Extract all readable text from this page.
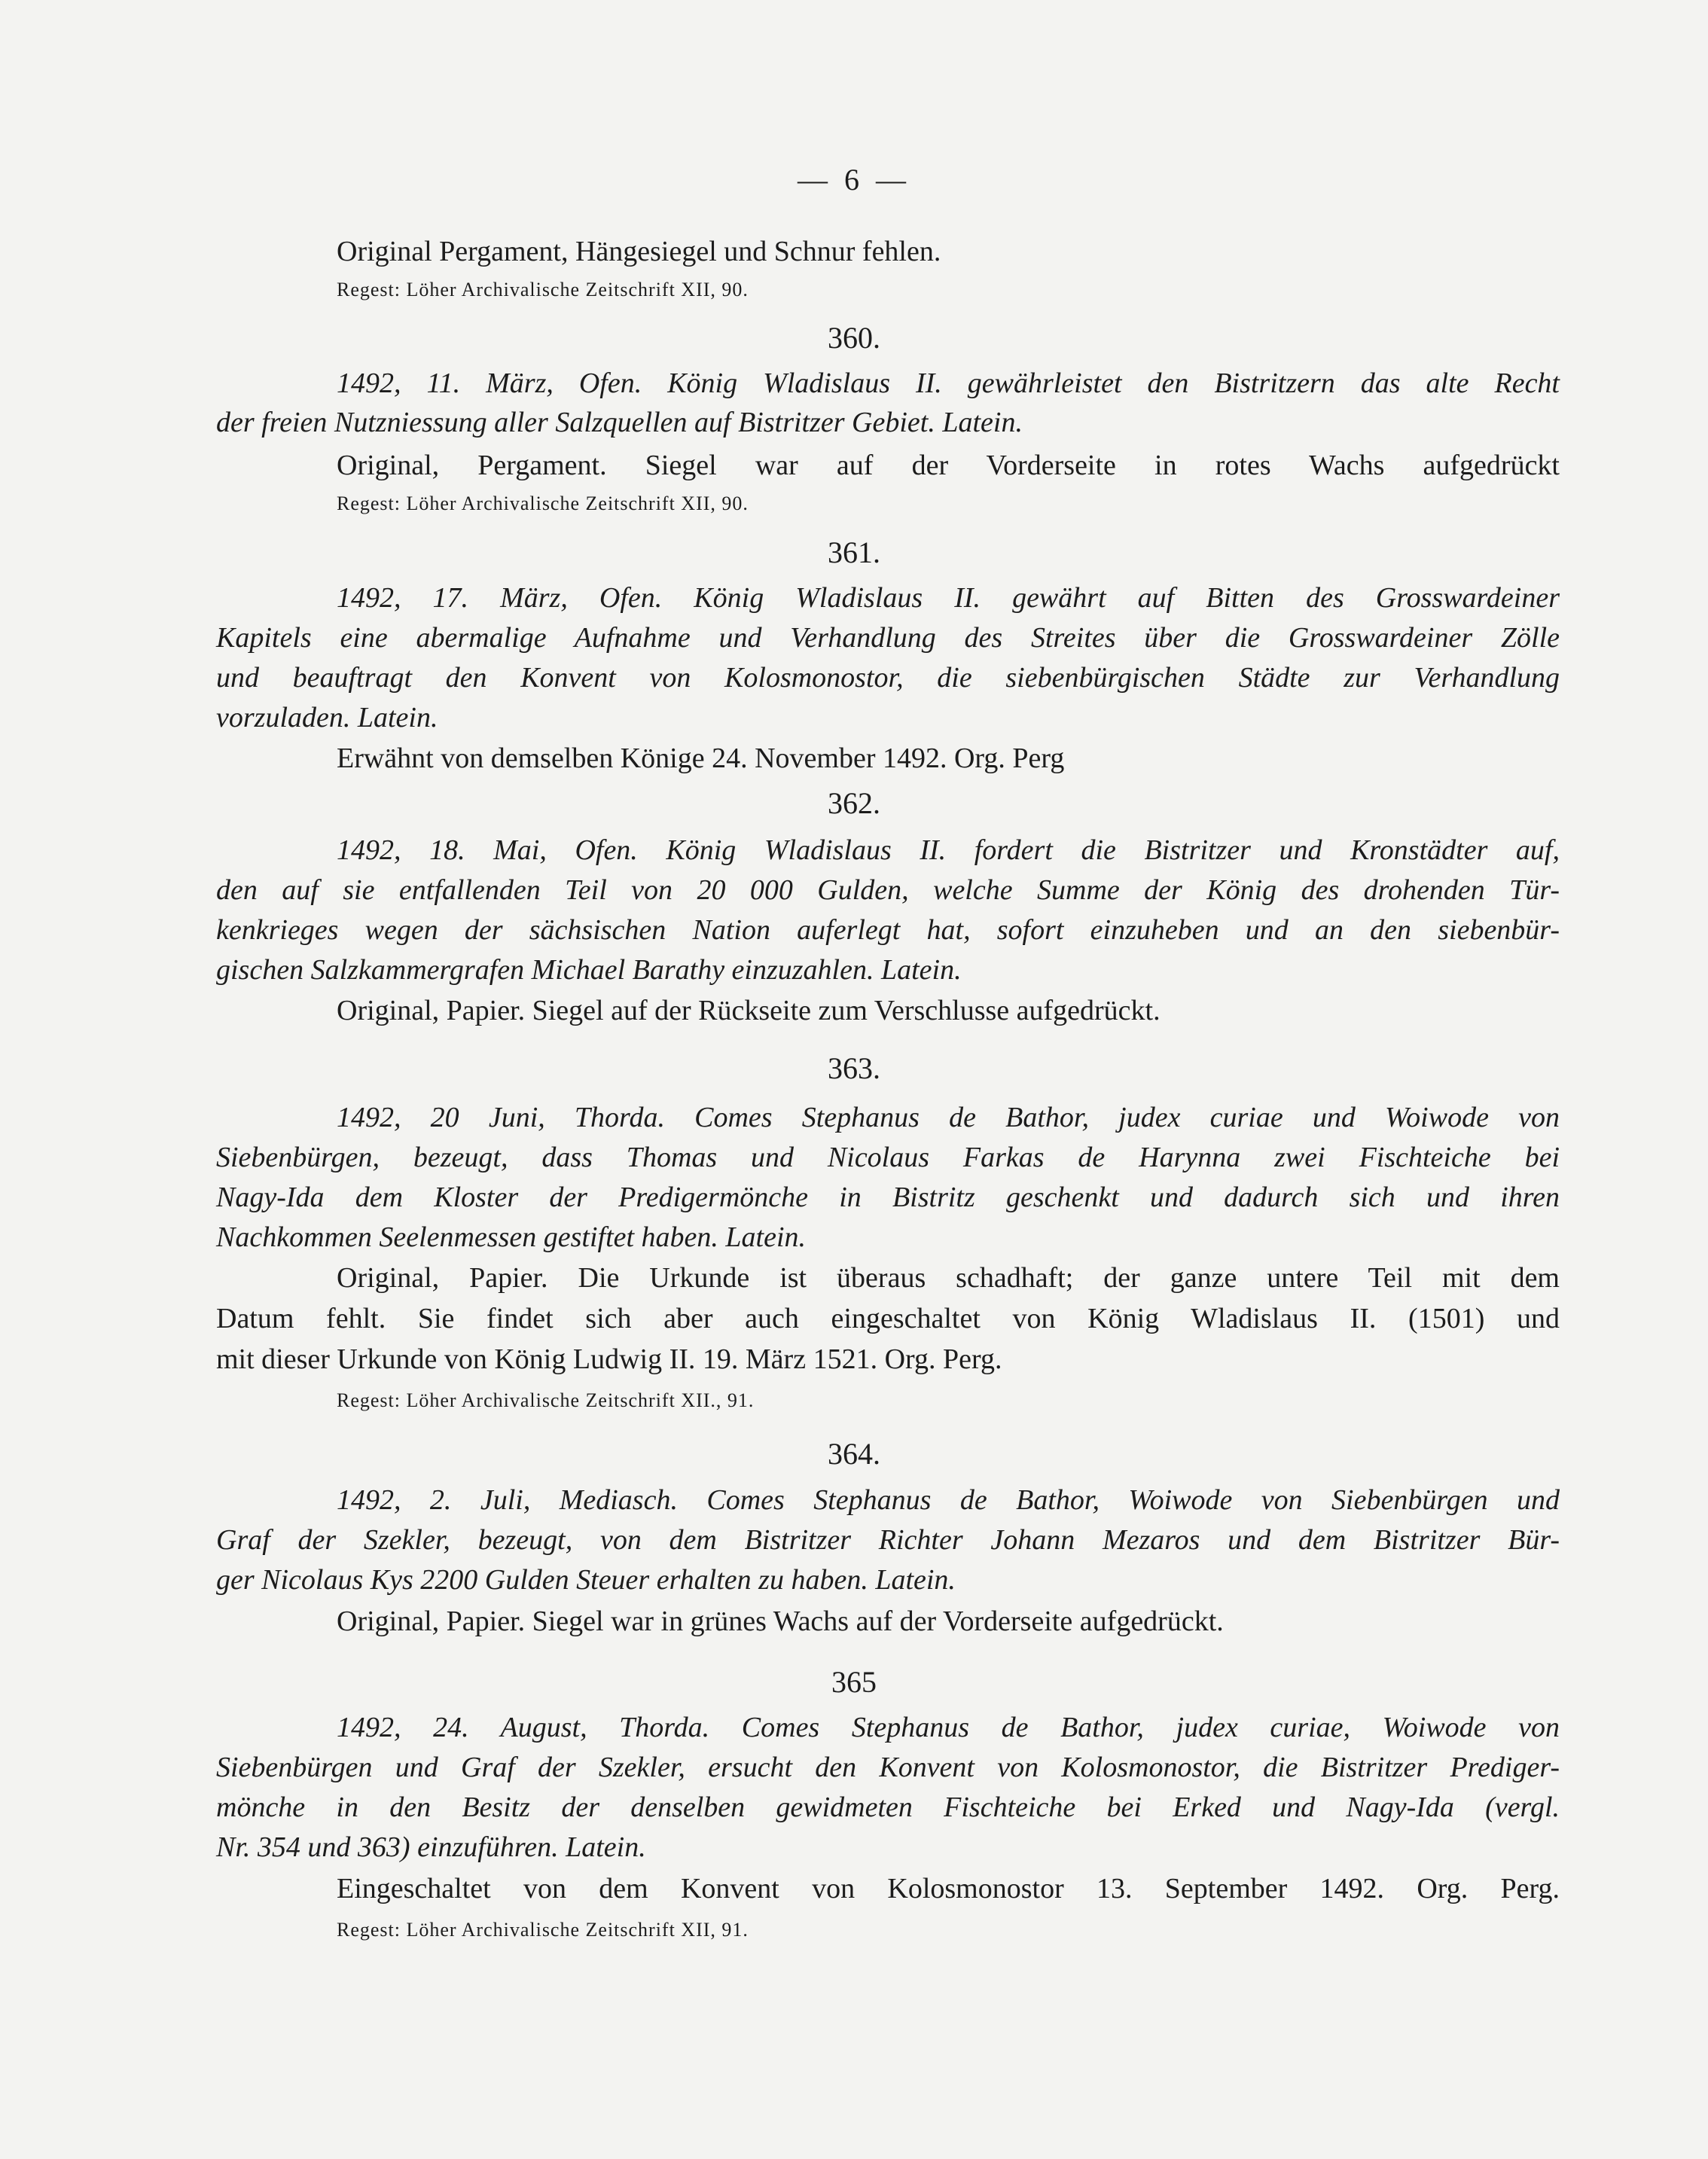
— 6 —
Original Pergament, Hängesiegel und Schnur fehlen.
Regest: Löher Archivalische Zeitschrift XII, 90.
360.
1492, 11. März, Ofen. König Wladislaus II. gewährleistet den Bistritzern das alte Recht
der freien Nutzniessung aller Salzquellen auf Bistritzer Gebiet. Latein.
Original, Pergament. Siegel war auf der Vorderseite in rotes Wachs aufgedrückt
Regest: Löher Archivalische Zeitschrift XII, 90.
361.
1492, 17. März, Ofen. König Wladislaus II. gewährt auf Bitten des Grosswardeiner
Kapitels eine abermalige Aufnahme und Verhandlung des Streites über die Grosswardeiner Zölle
und beauftragt den Konvent von Kolosmonostor, die siebenbürgischen Städte zur Verhandlung
vorzuladen. Latein.
Erwähnt von demselben Könige 24. November 1492. Org. Perg
362.
1492, 18. Mai, Ofen. König Wladislaus II. fordert die Bistritzer und Kronstädter auf,
den auf sie entfallenden Teil von 20 000 Gulden, welche Summe der König des drohenden Tür-
kenkrieges wegen der sächsischen Nation auferlegt hat, sofort einzuheben und an den siebenbür-
gischen Salzkammergrafen Michael Barathy einzuzahlen. Latein.
Original, Papier. Siegel auf der Rückseite zum Verschlusse aufgedrückt.
363.
1492, 20 Juni, Thorda. Comes Stephanus de Bathor, judex curiae und Woiwode von
Siebenbürgen, bezeugt, dass Thomas und Nicolaus Farkas de Harynna zwei Fischteiche bei
Nagy-Ida dem Kloster der Predigermönche in Bistritz geschenkt und dadurch sich und ihren
Nachkommen Seelenmessen gestiftet haben. Latein.
Original, Papier. Die Urkunde ist überaus schadhaft; der ganze untere Teil mit dem
Datum fehlt. Sie findet sich aber auch eingeschaltet von König Wladislaus II. (1501) und
mit dieser Urkunde von König Ludwig II. 19. März 1521. Org. Perg.
Regest: Löher Archivalische Zeitschrift XII., 91.
364.
1492, 2. Juli, Mediasch. Comes Stephanus de Bathor, Woiwode von Siebenbürgen und
Graf der Szekler, bezeugt, von dem Bistritzer Richter Johann Mezaros und dem Bistritzer Bür-
ger Nicolaus Kys 2200 Gulden Steuer erhalten zu haben. Latein.
Original, Papier. Siegel war in grünes Wachs auf der Vorderseite aufgedrückt.
365
1492, 24. August, Thorda. Comes Stephanus de Bathor, judex curiae, Woiwode von
Siebenbürgen und Graf der Szekler, ersucht den Konvent von Kolosmonostor, die Bistritzer Prediger-
mönche in den Besitz der denselben gewidmeten Fischteiche bei Erked und Nagy-Ida (vergl.
Nr. 354 und 363) einzuführen. Latein.
Eingeschaltet von dem Konvent von Kolosmonostor 13. September 1492. Org. Perg.
Regest: Löher Archivalische Zeitschrift XII, 91.
